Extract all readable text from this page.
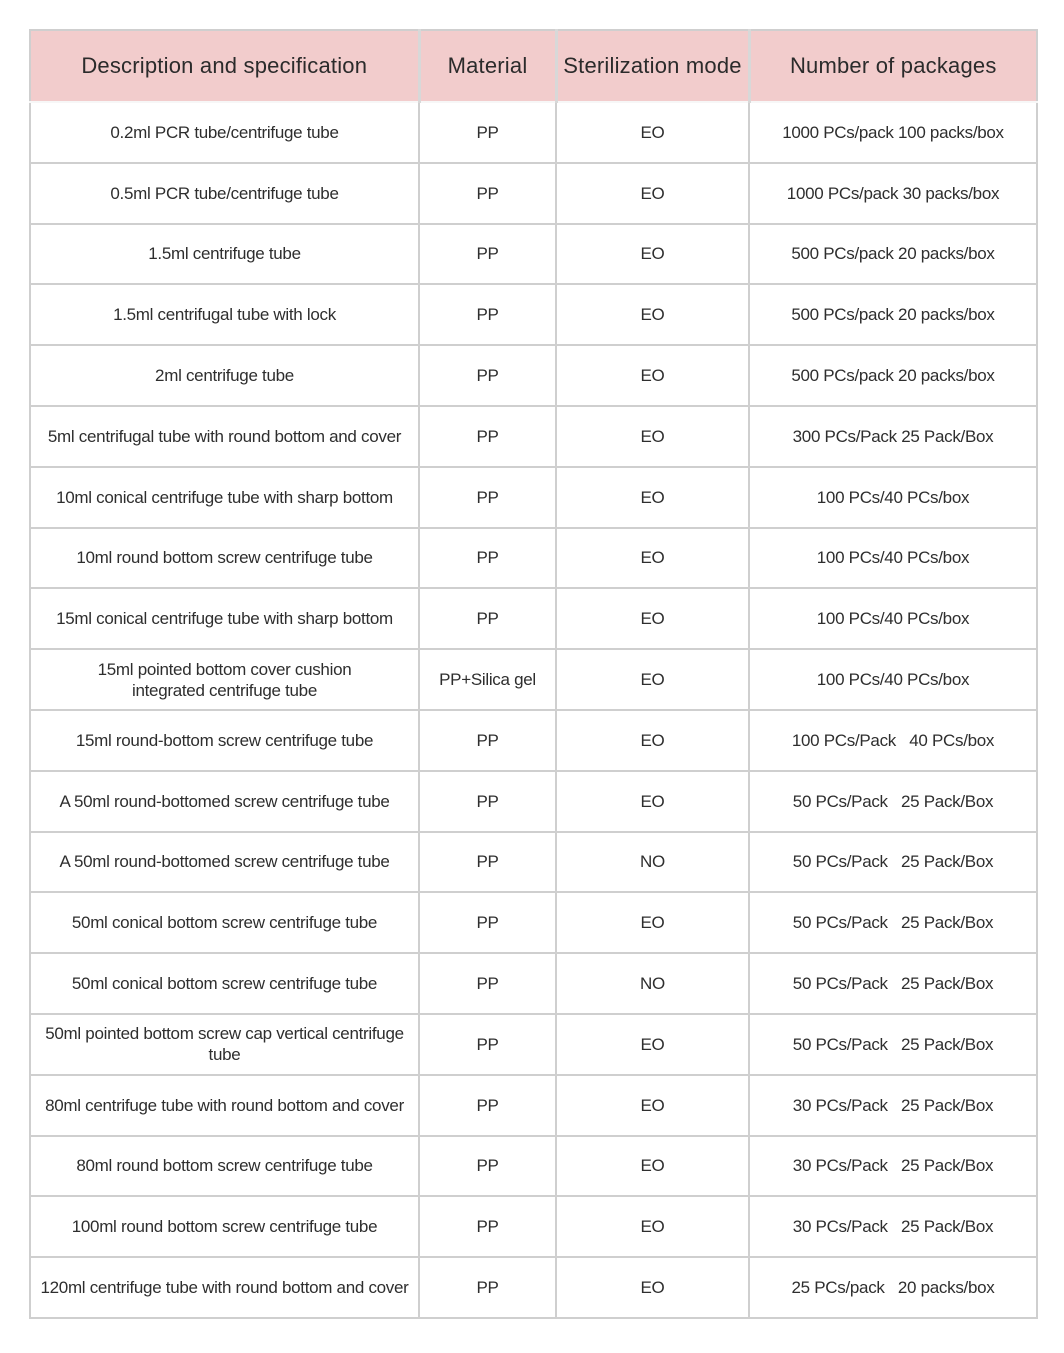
Description and specification	Material	Sterilization mode	Number of packages
0.2ml PCR tube/centrifuge tube	PP	EO	1000 PCs/pack 100 packs/box
0.5ml PCR tube/centrifuge tube	PP	EO	1000 PCs/pack 30 packs/box
1.5ml centrifuge tube	PP	EO	500 PCs/pack 20 packs/box
1.5ml centrifugal tube with lock	PP	EO	500 PCs/pack 20 packs/box
2ml centrifuge tube	PP	EO	500 PCs/pack 20 packs/box
5ml centrifugal tube with round bottom and cover	PP	EO	300 PCs/Pack 25 Pack/Box
10ml conical centrifuge tube with sharp bottom	PP	EO	100 PCs/40 PCs/box
10ml round bottom screw centrifuge tube	PP	EO	100 PCs/40 PCs/box
15ml conical centrifuge tube with sharp bottom	PP	EO	100 PCs/40 PCs/box
15ml pointed bottom cover cushion
integrated centrifuge tube	PP+Silica gel	EO	100 PCs/40 PCs/box
15ml round-bottom screw centrifuge tube	PP	EO	100 PCs/Pack   40 PCs/box
A 50ml round-bottomed screw centrifuge tube	PP	EO	50 PCs/Pack   25 Pack/Box
A 50ml round-bottomed screw centrifuge tube	PP	NO	50 PCs/Pack   25 Pack/Box
50ml conical bottom screw centrifuge tube	PP	EO	50 PCs/Pack   25 Pack/Box
50ml conical bottom screw centrifuge tube	PP	NO	50 PCs/Pack   25 Pack/Box
50ml pointed bottom screw cap vertical centrifuge tube	PP	EO	50 PCs/Pack   25 Pack/Box
80ml centrifuge tube with round bottom and cover	PP	EO	30 PCs/Pack   25 Pack/Box
80ml round bottom screw centrifuge tube	PP	EO	30 PCs/Pack   25 Pack/Box
100ml round bottom screw centrifuge tube	PP	EO	30 PCs/Pack   25 Pack/Box
120ml centrifuge tube with round bottom and cover	PP	EO	25 PCs/pack   20 packs/box
